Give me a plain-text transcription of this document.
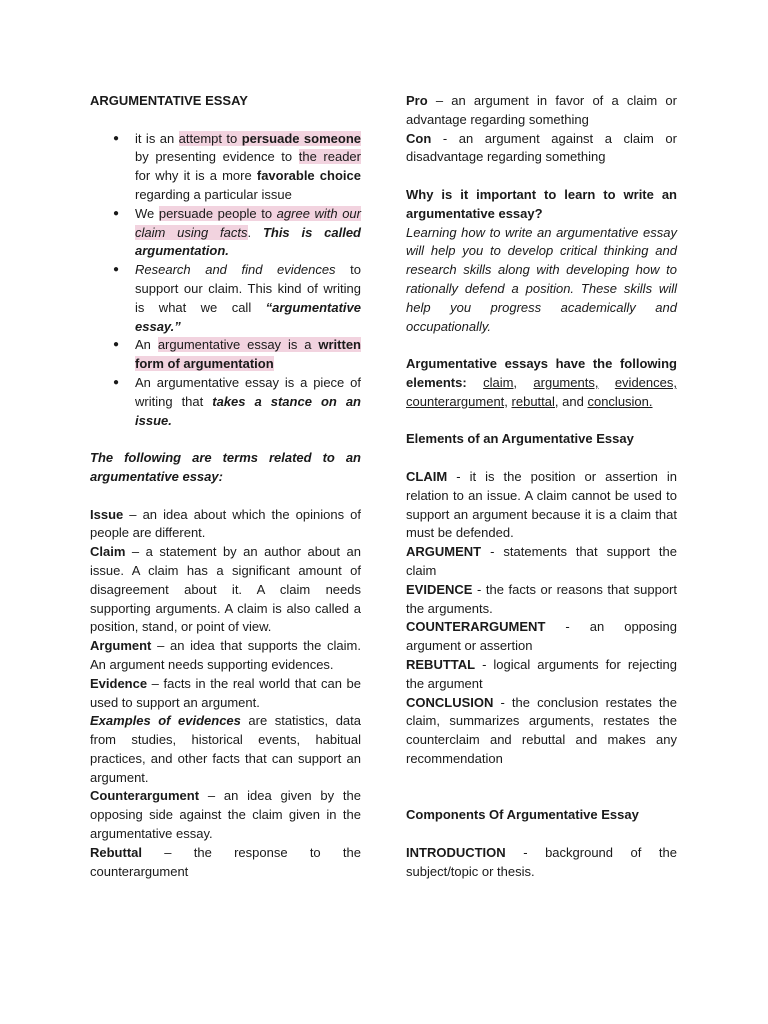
ARGUMENTATIVE ESSAY

● it is an attempt to persuade someone by presenting evidence to the reader for why it is a more favorable choice regarding a particular issue
● We persuade people to agree with our claim using facts. This is called argumentation.
● Research and find evidences to support our claim. This kind of writing is what we call “argumentative essay.”
● An argumentative essay is a written form of argumentation
● An argumentative essay is a piece of writing that takes a stance on an issue.

The following are terms related to an argumentative essay:

Issue – an idea about which the opinions of people are different.

Claim – a statement by an author about an issue. A claim has a significant amount of disagreement about it. A claim needs supporting arguments. A claim is also called a position, stand, or point of view.

Argument – an idea that supports the claim. An argument needs supporting evidences.

Evidence – facts in the real world that can be used to support an argument.

Examples of evidences are statistics, data from studies, historical events, habitual practices, and other facts that can support an argument.

Counterargument – an idea given by the opposing side against the claim given in the argumentative essay.

Rebuttal – the response to the counterargument

Pro – an argument in favor of a claim or advantage regarding something

Con - an argument against a claim or disadvantage regarding something

Why is it important to learn to write an argumentative essay?

Learning how to write an argumentative essay will help you to develop critical thinking and research skills along with developing how to rationally defend a position. These skills will help you progress academically and occupationally.

Argumentative essays have the following elements: claim, arguments, evidences, counterargument, rebuttal, and conclusion.

Elements of an Argumentative Essay

CLAIM - it is the position or assertion in relation to an issue. A claim cannot be used to support an argument because it is a claim that must be defended.

ARGUMENT - statements that support the claim

EVIDENCE - the facts or reasons that support the arguments.

COUNTERARGUMENT - an opposing argument or assertion

REBUTTAL - logical arguments for rejecting the argument

CONCLUSION - the conclusion restates the claim, summarizes arguments, restates the counterclaim and rebuttal and makes any recommendation

Components Of Argumentative Essay

INTRODUCTION - background of the subject/topic or thesis.
